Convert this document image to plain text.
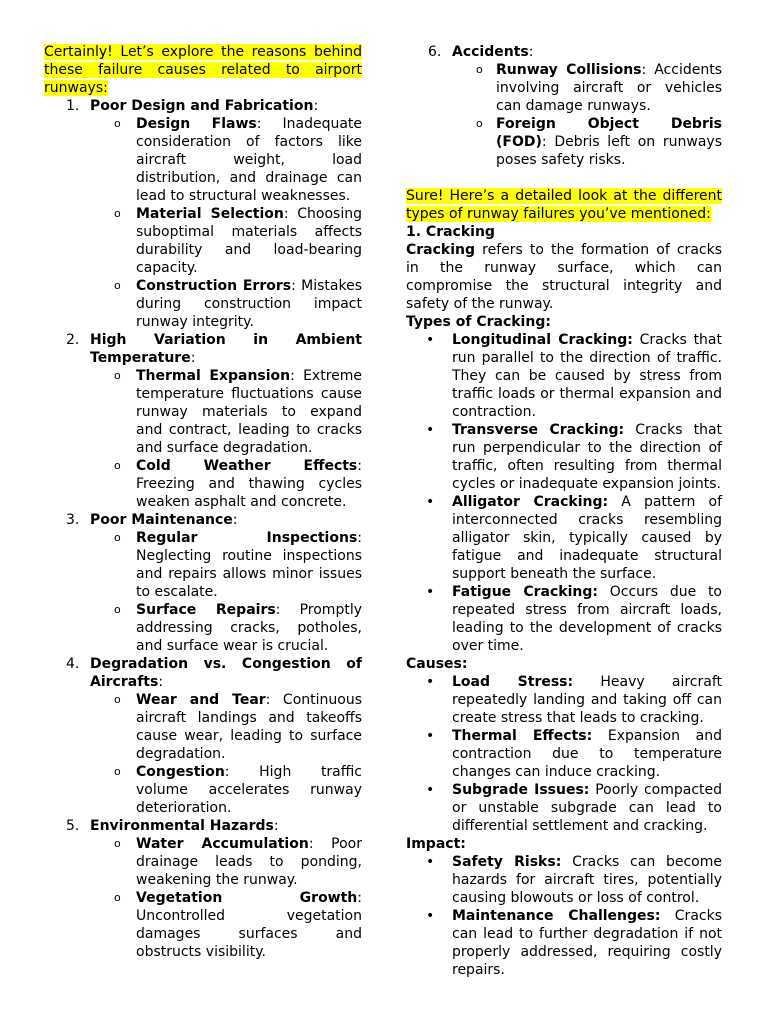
Certainly! Let’s explore the reasons behind these failure causes related to airport runways:
1. Poor Design and Fabrication:
o Design Flaws: Inadequate consideration of factors like aircraft weight, load distribution, and drainage can lead to structural weaknesses.
o Material Selection: Choosing suboptimal materials affects durability and load-bearing capacity.
o Construction Errors: Mistakes during construction impact runway integrity.
2. High Variation in Ambient Temperature:
o Thermal Expansion: Extreme temperature fluctuations cause runway materials to expand and contract, leading to cracks and surface degradation.
o Cold Weather Effects: Freezing and thawing cycles weaken asphalt and concrete.
3. Poor Maintenance:
o Regular Inspections: Neglecting routine inspections and repairs allows minor issues to escalate.
o Surface Repairs: Promptly addressing cracks, potholes, and surface wear is crucial.
4. Degradation vs. Congestion of Aircrafts:
o Wear and Tear: Continuous aircraft landings and takeoffs cause wear, leading to surface degradation.
o Congestion: High traffic volume accelerates runway deterioration.
5. Environmental Hazards:
o Water Accumulation: Poor drainage leads to ponding, weakening the runway.
o Vegetation Growth: Uncontrolled vegetation damages surfaces and obstructs visibility.
6. Accidents:
o Runway Collisions: Accidents involving aircraft or vehicles can damage runways.
o Foreign Object Debris (FOD): Debris left on runways poses safety risks.
Sure! Here’s a detailed look at the different types of runway failures you’ve mentioned:
1. Cracking
Cracking refers to the formation of cracks in the runway surface, which can compromise the structural integrity and safety of the runway.
Types of Cracking:
• Longitudinal Cracking: Cracks that run parallel to the direction of traffic. They can be caused by stress from traffic loads or thermal expansion and contraction.
• Transverse Cracking: Cracks that run perpendicular to the direction of traffic, often resulting from thermal cycles or inadequate expansion joints.
• Alligator Cracking: A pattern of interconnected cracks resembling alligator skin, typically caused by fatigue and inadequate structural support beneath the surface.
• Fatigue Cracking: Occurs due to repeated stress from aircraft loads, leading to the development of cracks over time.
Causes:
• Load Stress: Heavy aircraft repeatedly landing and taking off can create stress that leads to cracking.
• Thermal Effects: Expansion and contraction due to temperature changes can induce cracking.
• Subgrade Issues: Poorly compacted or unstable subgrade can lead to differential settlement and cracking.
Impact:
• Safety Risks: Cracks can become hazards for aircraft tires, potentially causing blowouts or loss of control.
• Maintenance Challenges: Cracks can lead to further degradation if not properly addressed, requiring costly repairs.
